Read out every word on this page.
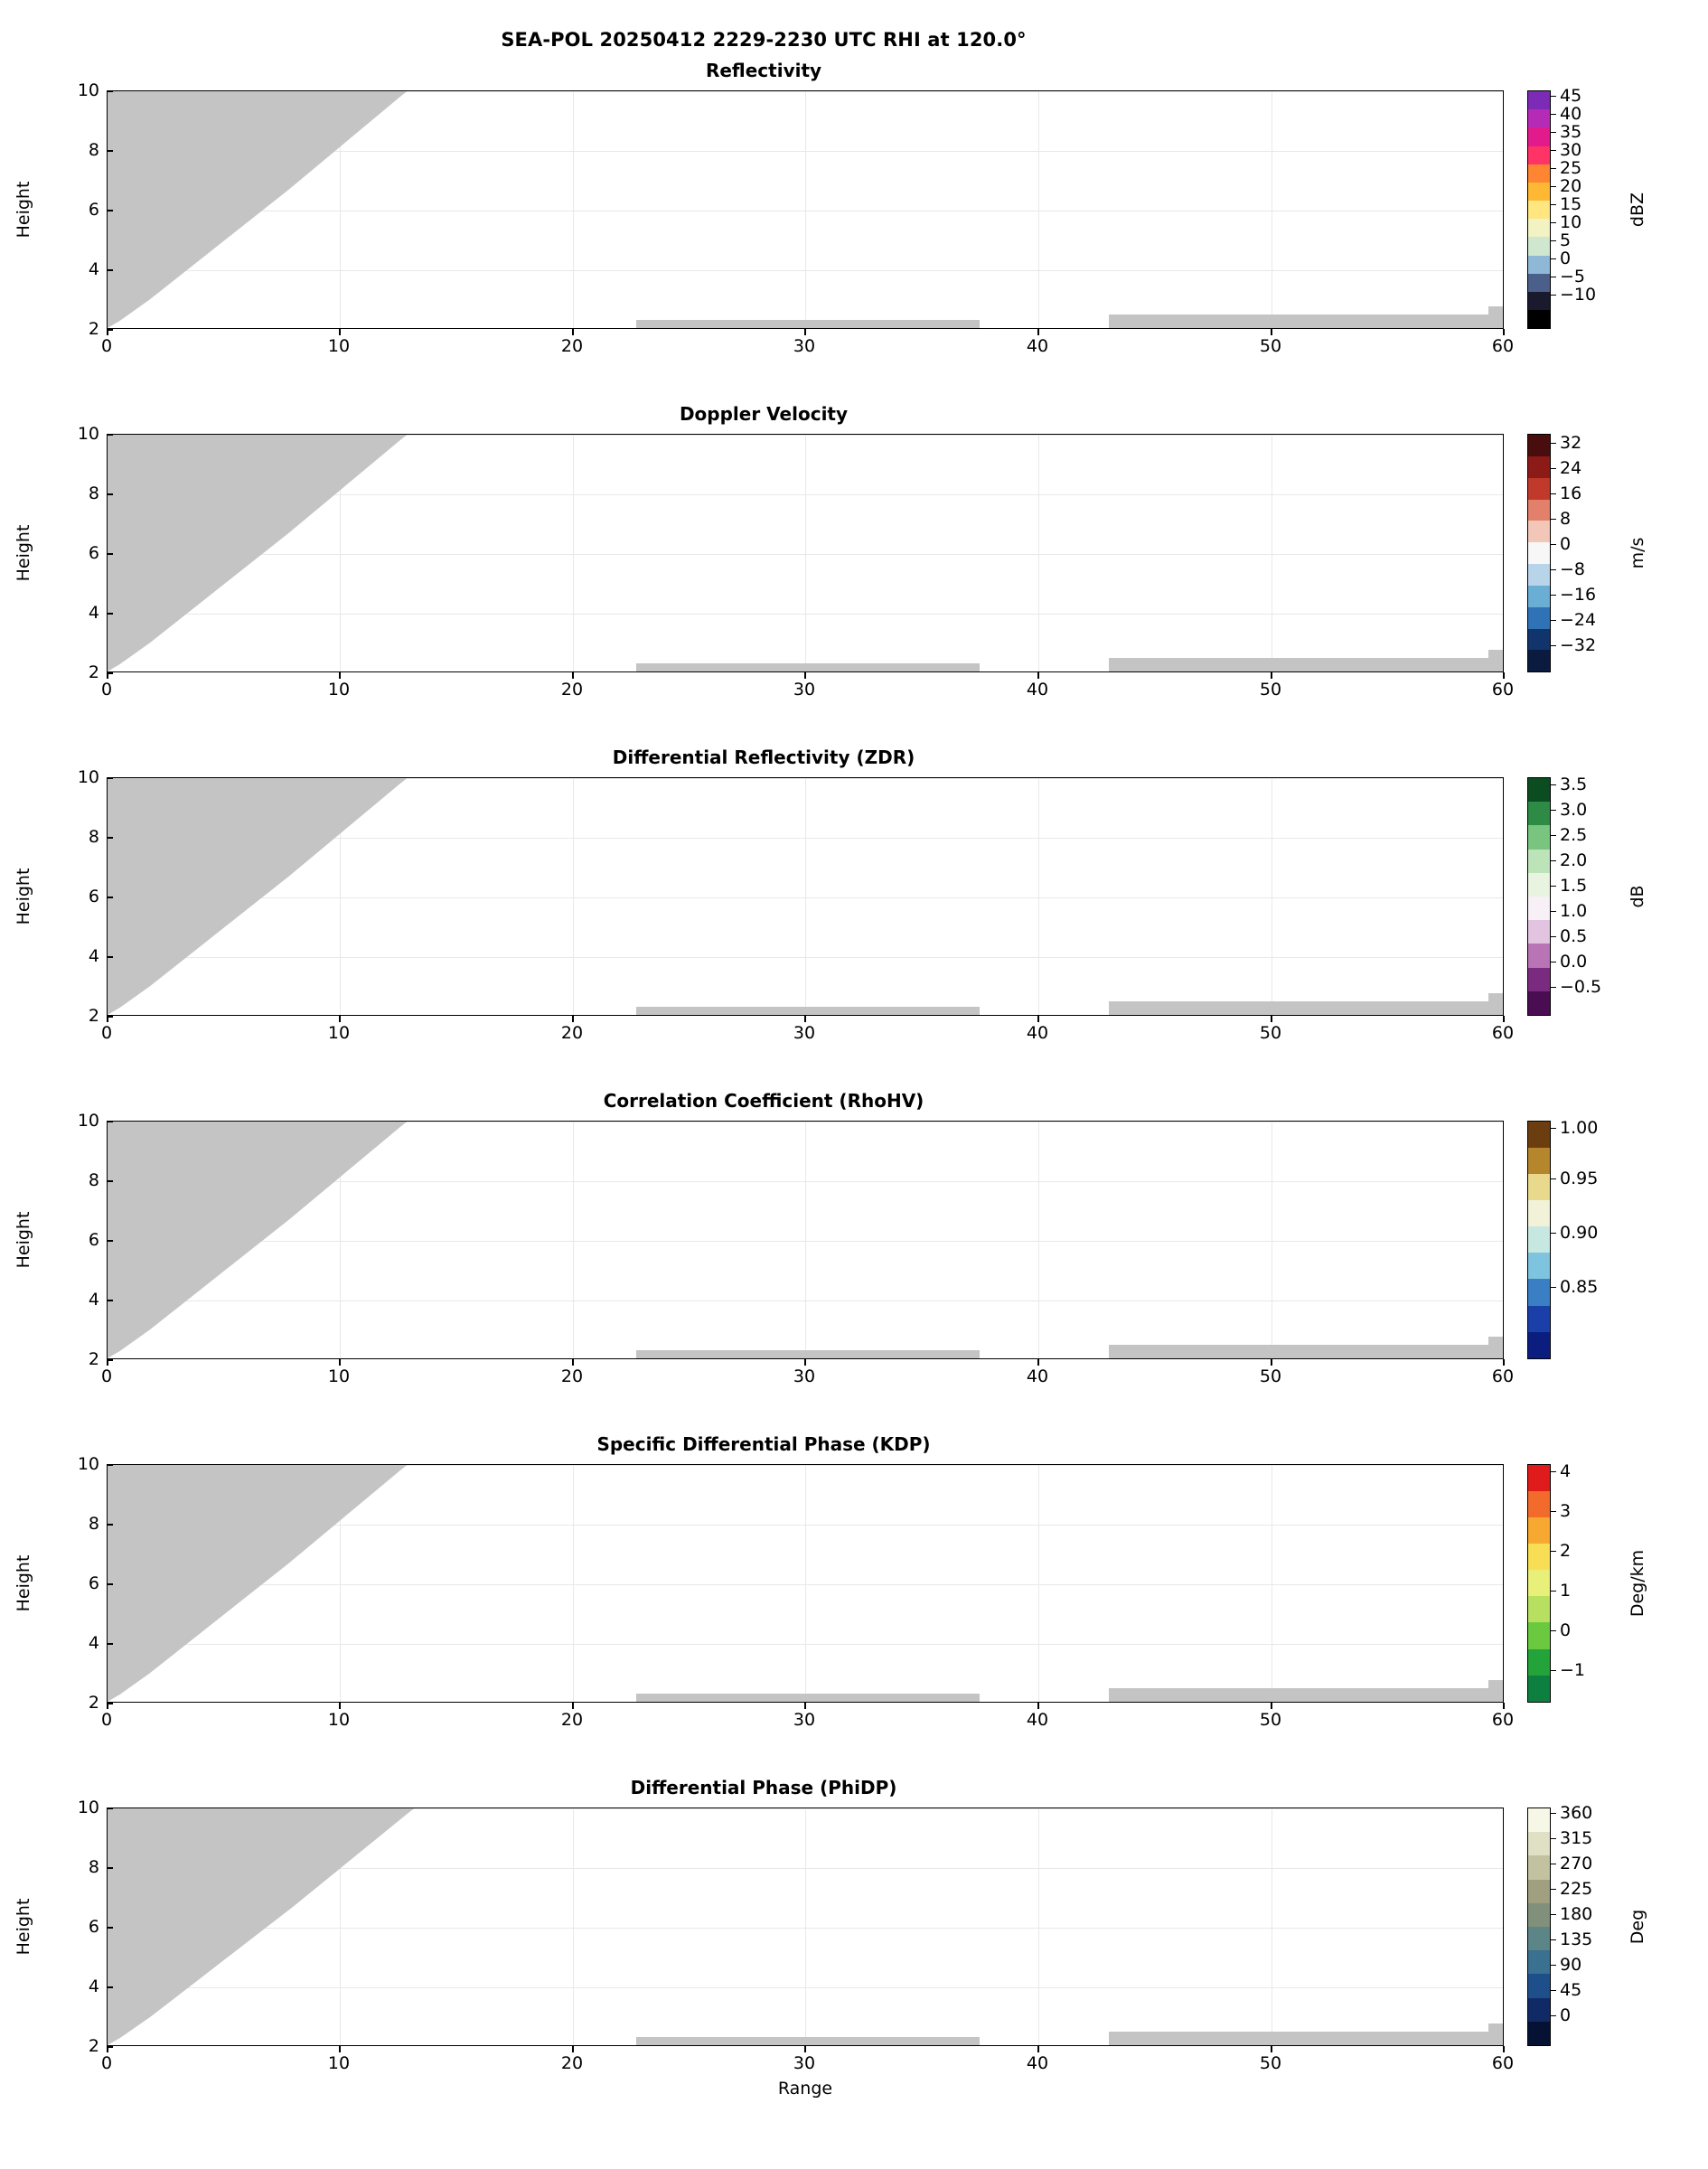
SEA-POL 20250412 2229-2230 UTC RHI at 120.0°
Reflectivity
Height
2
4
6
8
10
0	10	20	30	40	50	60
45
40
35
30
25
20
15
10
5
0
−5
−10
dBZ
Doppler Velocity
Height
2
4
6
8
10
0	10	20	30	40	50	60
32
24
16
8
0
−8
−16
−24
−32
m/s
Differential Reflectivity (ZDR)
Height
2
4
6
8
10
0	10	20	30	40	50	60
3.5
3.0
2.5
2.0
1.5
1.0
0.5
0.0
−0.5
dB
Correlation Coefficient (RhoHV)
Height
2
4
6
8
10
0	10	20	30	40	50	60
1.00
0.95
0.90
0.85
Specific Differential Phase (KDP)
Height
2
4
6
8
10
0	10	20	30	40	50	60
4
3
2
1
0
−1
Deg/km
Differential Phase (PhiDP)
Height
2
4
6
8
10
0	10	20	30	40	50	60
Range
360
315
270
225
180
135
90
45
0
Deg
